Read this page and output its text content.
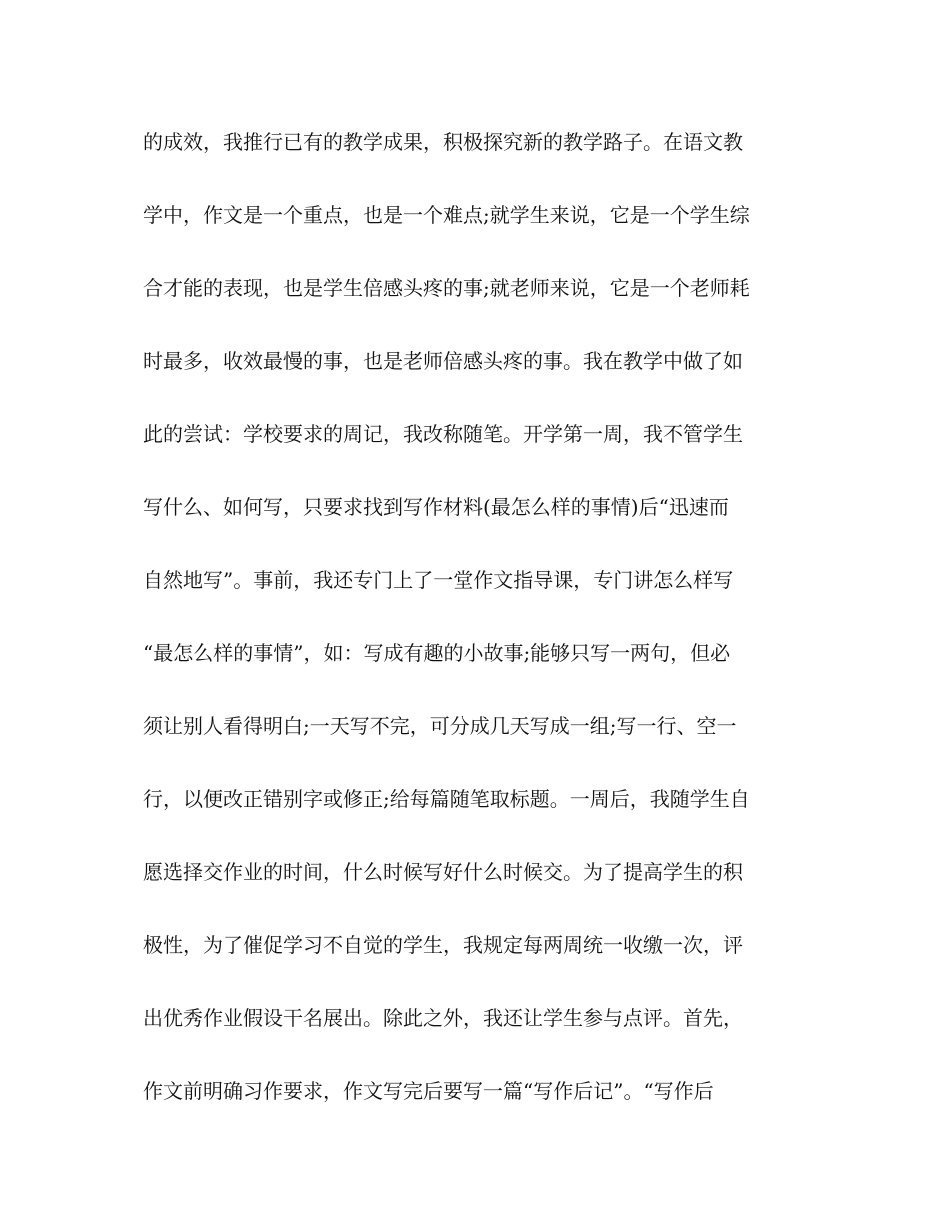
的成效，我推行已有的教学成果，积极探究新的教学路子。在语文教
学中，作文是一个重点，也是一个难点;就学生来说，它是一个学生综
合才能的表现，也是学生倍感头疼的事;就老师来说，它是一个老师耗
时最多，收效最慢的事，也是老师倍感头疼的事。我在教学中做了如
此的尝试：学校要求的周记，我改称随笔。开学第一周，我不管学生
写什么、如何写，只要求找到写作材料(最怎么样的事情)后“迅速而
自然地写”。事前，我还专门上了一堂作文指导课，专门讲怎么样写
“最怎么样的事情”，如：写成有趣的小故事;能够只写一两句，但必
须让别人看得明白;一天写不完，可分成几天写成一组;写一行、空一
行，以便改正错别字或修正;给每篇随笔取标题。一周后，我随学生自
愿选择交作业的时间，什么时候写好什么时候交。为了提高学生的积
极性，为了催促学习不自觉的学生，我规定每两周统一收缴一次，评
出优秀作业假设干名展出。除此之外，我还让学生参与点评。首先，
作文前明确习作要求，作文写完后要写一篇“写作后记”。“写作后
